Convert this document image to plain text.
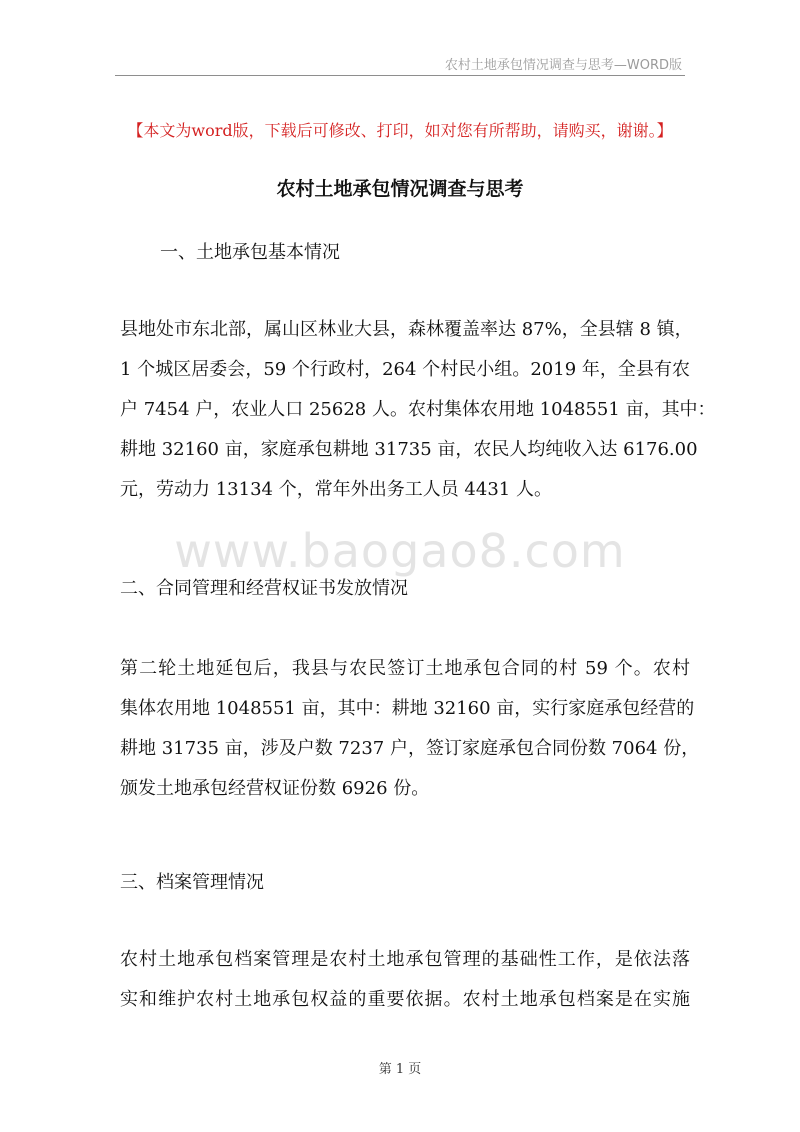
农村土地承包情况调查与思考—WORD版
【本文为word版，下载后可修改、打印，如对您有所帮助，请购买，谢谢。】
农村土地承包情况调查与思考
一、土地承包基本情况
县地处市东北部，属山区林业大县，森林覆盖率达 87%，全县辖 8 镇，
1 个城区居委会，59 个行政村，264 个村民小组。2019 年，全县有农
户 7454 户，农业人口 25628 人。农村集体农用地 1048551 亩，其中：
耕地 32160 亩，家庭承包耕地 31735 亩，农民人均纯收入达 6176.00
元，劳动力 13134 个，常年外出务工人员 4431 人。
www.baogao8.com
二、合同管理和经营权证书发放情况
第二轮土地延包后，我县与农民签订土地承包合同的村 59 个。农村
集体农用地 1048551 亩，其中：耕地 32160 亩，实行家庭承包经营的
耕地 31735 亩，涉及户数 7237 户，签订家庭承包合同份数 7064 份，
颁发土地承包经营权证份数 6926 份。
三、档案管理情况
农村土地承包档案管理是农村土地承包管理的基础性工作，是依法落
实和维护农村土地承包权益的重要依据。农村土地承包档案是在实施
第 1 页
